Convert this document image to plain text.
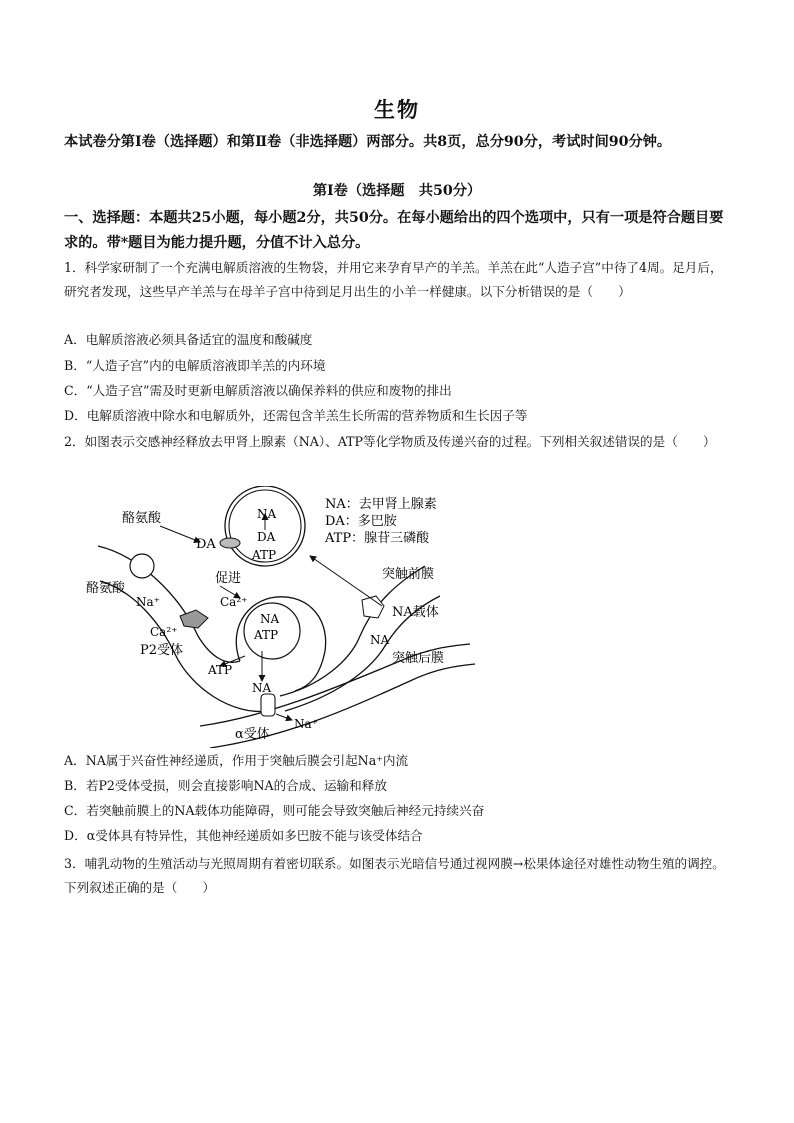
生物
本试卷分第Ⅰ卷（选择题）和第Ⅱ卷（非选择题）两部分。共8页，总分90分，考试时间90分钟。
第Ⅰ卷（选择题　共50分）
一、选择题：本题共25小题，每小题2分，共50分。在每小题给出的四个选项中，只有一项是符合题目要求的。带*题目为能力提升题，分值不计入总分。
1．科学家研制了一个充满电解质溶液的生物袋，并用它来孕育早产的羊羔。羊羔在此“人造子宫”中待了4周。足月后，研究者发现，这些早产羊羔与在母羊子宫中待到足月出生的小羊一样健康。以下分析错误的是（　　）
A．电解质溶液必须具备适宜的温度和酸碱度
B．“人造子宫”内的电解质溶液即羊羔的内环境
C．“人造子宫”需及时更新电解质溶液以确保养料的供应和废物的排出
D．电解质溶液中除水和电解质外，还需包含羊羔生长所需的营养物质和生长因子等
2．如图表示交感神经释放去甲肾上腺素（NA）、ATP等化学物质及传递兴奋的过程。下列相关叙述错误的是（　　）
NA：去甲肾上腺素
DA：多巴胺
ATP：腺苷三磷酸
酪氨酸
酪氨酸
Na⁺
Ca²⁺
P2受体
促进
Ca²⁺
DA
NA
DA
ATP
NA
ATP
突触前膜
NA载体
NA
突触后膜
ATP
NA
α受体
Na⁺
A．NA属于兴奋性神经递质，作用于突触后膜会引起Na⁺内流
B．若P2受体受损，则会直接影响NA的合成、运输和释放
C．若突触前膜上的NA载体功能障碍，则可能会导致突触后神经元持续兴奋
D．α受体具有特异性，其他神经递质如多巴胺不能与该受体结合
3．哺乳动物的生殖活动与光照周期有着密切联系。如图表示光暗信号通过视网膜→松果体途径对雄性动物生殖的调控。下列叙述正确的是（　　）
